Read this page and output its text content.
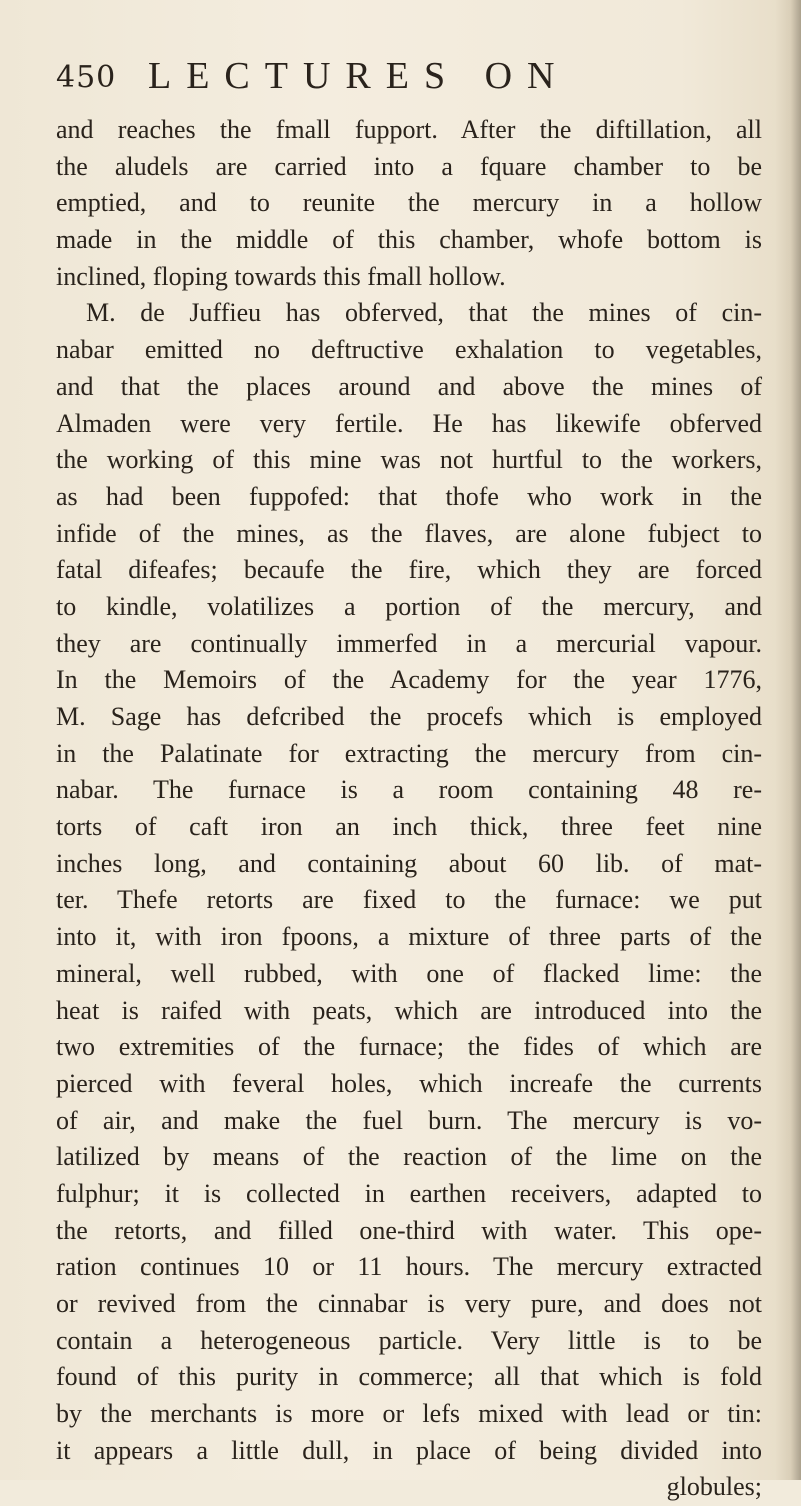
450 LECTURES ON
and reaches the fmall fupport. After the diftillation, all
the aludels are carried into a fquare chamber to be
emptied, and to reunite the mercury in a hollow
made in the middle of this chamber, whofe bottom is
inclined, floping towards this fmall hollow.
M. de Juffieu has obferved, that the mines of cin-
nabar emitted no deftructive exhalation to vegetables,
and that the places around and above the mines of
Almaden were very fertile. He has likewife obferved
the working of this mine was not hurtful to the workers,
as had been fuppofed: that thofe who work in the
infide of the mines, as the flaves, are alone fubject to
fatal difeafes; becaufe the fire, which they are forced
to kindle, volatilizes a portion of the mercury, and
they are continually immerfed in a mercurial vapour.
In the Memoirs of the Academy for the year 1776,
M. Sage has defcribed the procefs which is employed
in the Palatinate for extracting the mercury from cin-
nabar. The furnace is a room containing 48 re-
torts of caft iron an inch thick, three feet nine
inches long, and containing about 60 lib. of mat-
ter. Thefe retorts are fixed to the furnace: we put
into it, with iron fpoons, a mixture of three parts of the
mineral, well rubbed, with one of flacked lime: the
heat is raifed with peats, which are introduced into the
two extremities of the furnace; the fides of which are
pierced with feveral holes, which increafe the currents
of air, and make the fuel burn. The mercury is vo-
latilized by means of the reaction of the lime on the
fulphur; it is collected in earthen receivers, adapted to
the retorts, and filled one-third with water. This ope-
ration continues 10 or 11 hours. The mercury extracted
or revived from the cinnabar is very pure, and does not
contain a heterogeneous particle. Very little is to be
found of this purity in commerce; all that which is fold
by the merchants is more or lefs mixed with lead or tin:
it appears a little dull, in place of being divided into
globules;
